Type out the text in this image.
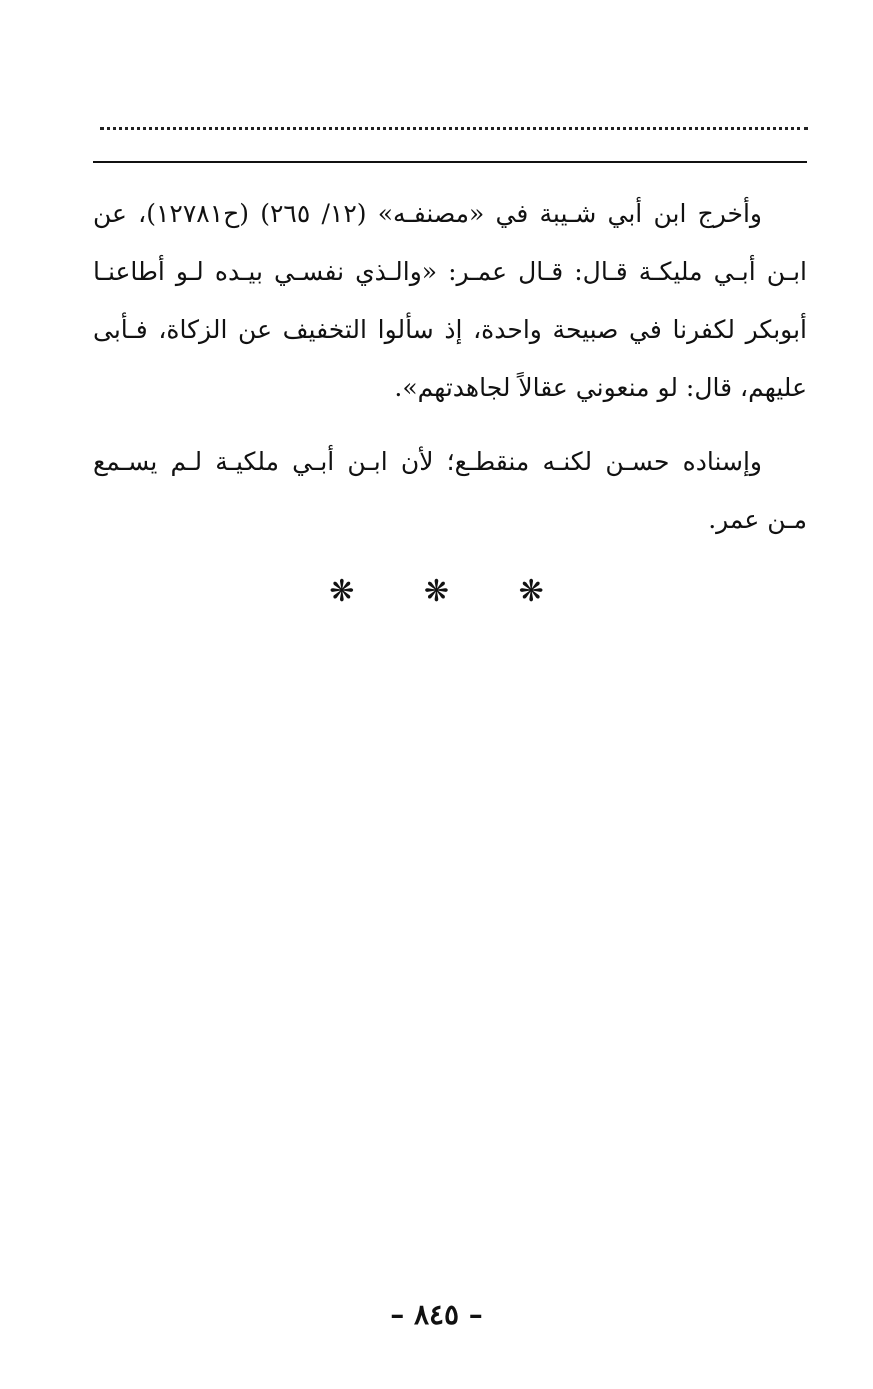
وأخرج ابن أبي شـيبة في «مصنفـه» (١٢/ ٢٦٥) (ح١٢٧٨١)، عن ابـن أبـي مليكـة قـال: قـال عمـر: «والـذي نفسـي بيـده لـو أطاعنـا أبوبكر لكفرنا في صبيحة واحدة، إذ سألوا التخفيف عن الزكاة، فـأبى عليهم، قال: لو منعوني عقالاً لجاهدتهم».

وإسناده حسـن لكنـه منقطـع؛ لأن ابـن أبـي ملكيـة لـم يسـمع مـن عمر.

❋ ❋ ❋
– ٨٤٥ –
